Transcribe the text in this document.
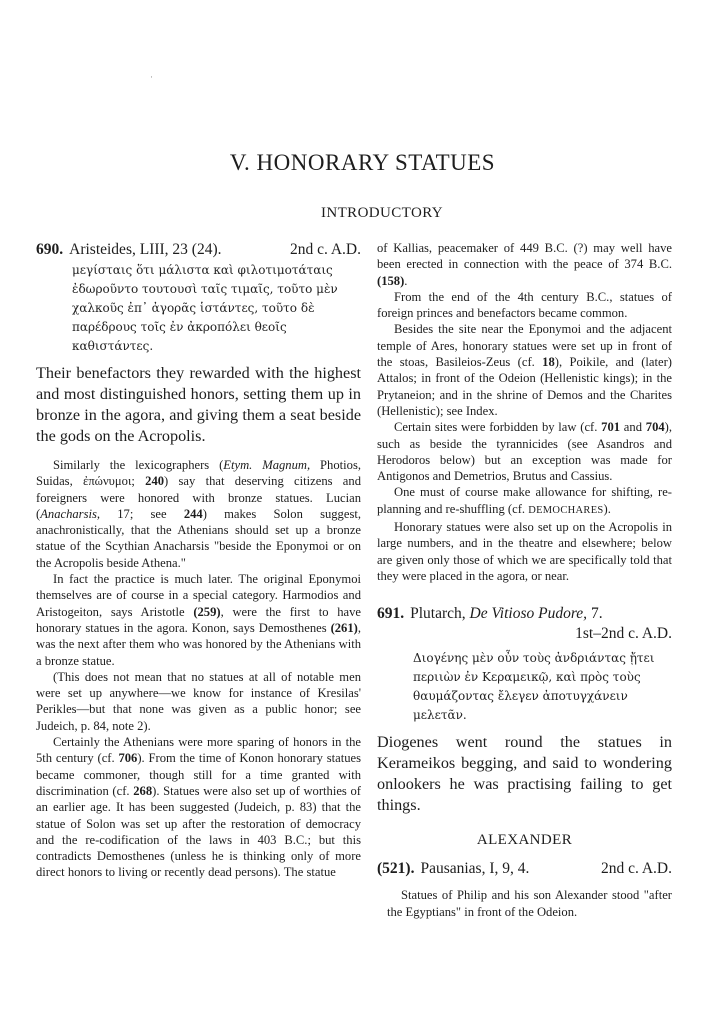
·
V. HONORARY STATUES
INTRODUCTORY
690. Aristeides, LIII, 23 (24).	2nd c. A.D.
μεγίσταις ὅτι μάλιστα καὶ φιλοτιμοτάταις ἐδωροῦντο τουτουσὶ ταῖς τιμαῖς, τοῦτο μὲν χαλκοῦς ἐπ᾽ ἀγορᾶς ἱστάντες, τοῦτο δὲ παρέδρους τοῖς ἐν ἀκροπόλει θεοῖς καθιστάντες.
Their benefactors they rewarded with the highest and most distinguished honors, setting them up in bronze in the agora, and giving them a seat beside the gods on the Acropolis.

Similarly the lexicographers (Etym. Magnum, Photios, Suidas, ἐπώνυμοι; 240) say that deserving citizens and foreigners were honored with bronze statues. Lucian (Anacharsis, 17; see 244) makes Solon suggest, anachronistically, that the Athenians should set up a bronze statue of the Scythian Anacharsis "beside the Eponymoi or on the Acropolis beside Athena."

In fact the practice is much later. The original Eponymoi themselves are of course in a special category. Harmodios and Aristogeiton, says Aristotle (259), were the first to have honorary statues in the agora. Konon, says Demosthenes (261), was the next after them who was honored by the Athenians with a bronze statue.

(This does not mean that no statues at all of notable men were set up anywhere—we know for instance of Kresilas' Perikles—but that none was given as a public honor; see Judeich, p. 84, note 2).

Certainly the Athenians were more sparing of honors in the 5th century (cf. 706). From the time of Konon honorary statues became commoner, though still for a time granted with discrimination (cf. 268). Statues were also set up of worthies of an earlier age. It has been suggested (Judeich, p. 83) that the statue of Solon was set up after the restoration of democracy and the re-codification of the laws in 403 B.C.; but this contradicts Demosthenes (unless he is thinking only of more direct honors to living or recently dead persons). The statue

of Kallias, peacemaker of 449 B.C. (?) may well have been erected in connection with the peace of 374 B.C. (158).

From the end of the 4th century B.C., statues of foreign princes and benefactors became common.

Besides the site near the Eponymoi and the adjacent temple of Ares, honorary statues were set up in front of the stoas, Basileios-Zeus (cf. 18), Poikile, and (later) Attalos; in front of the Odeion (Hellenistic kings); in the Prytaneion; and in the shrine of Demos and the Charites (Hellenistic); see Index.

Certain sites were forbidden by law (cf. 701 and 704), such as beside the tyrannicides (see Asandros and Herodoros below) but an exception was made for Antigonos and Demetrios, Brutus and Cassius.

One must of course make allowance for shifting, re-planning and re-shuffling (cf. DEMOCHARES).

Honorary statues were also set up on the Acropolis in large numbers, and in the theatre and elsewhere; below are given only those of which we are specifically told that they were placed in the agora, or near.

691. Plutarch, De Vitioso Pudore, 7.
1st–2nd c. A.D.
Διογένης μὲν οὖν τοὺς ἀνδριάντας ᾔτει περιιὼν ἐν Κεραμεικῷ, καὶ πρὸς τοὺς θαυμάζοντας ἔλεγεν ἀποτυγχάνειν μελετᾶν.
Diogenes went round the statues in Kerameikos begging, and said to wondering onlookers he was practising failing to get things.
ALEXANDER
(521). Pausanias, I, 9, 4.	2nd c. A.D.

Statues of Philip and his son Alexander stood "after the Egyptians" in front of the Odeion.
